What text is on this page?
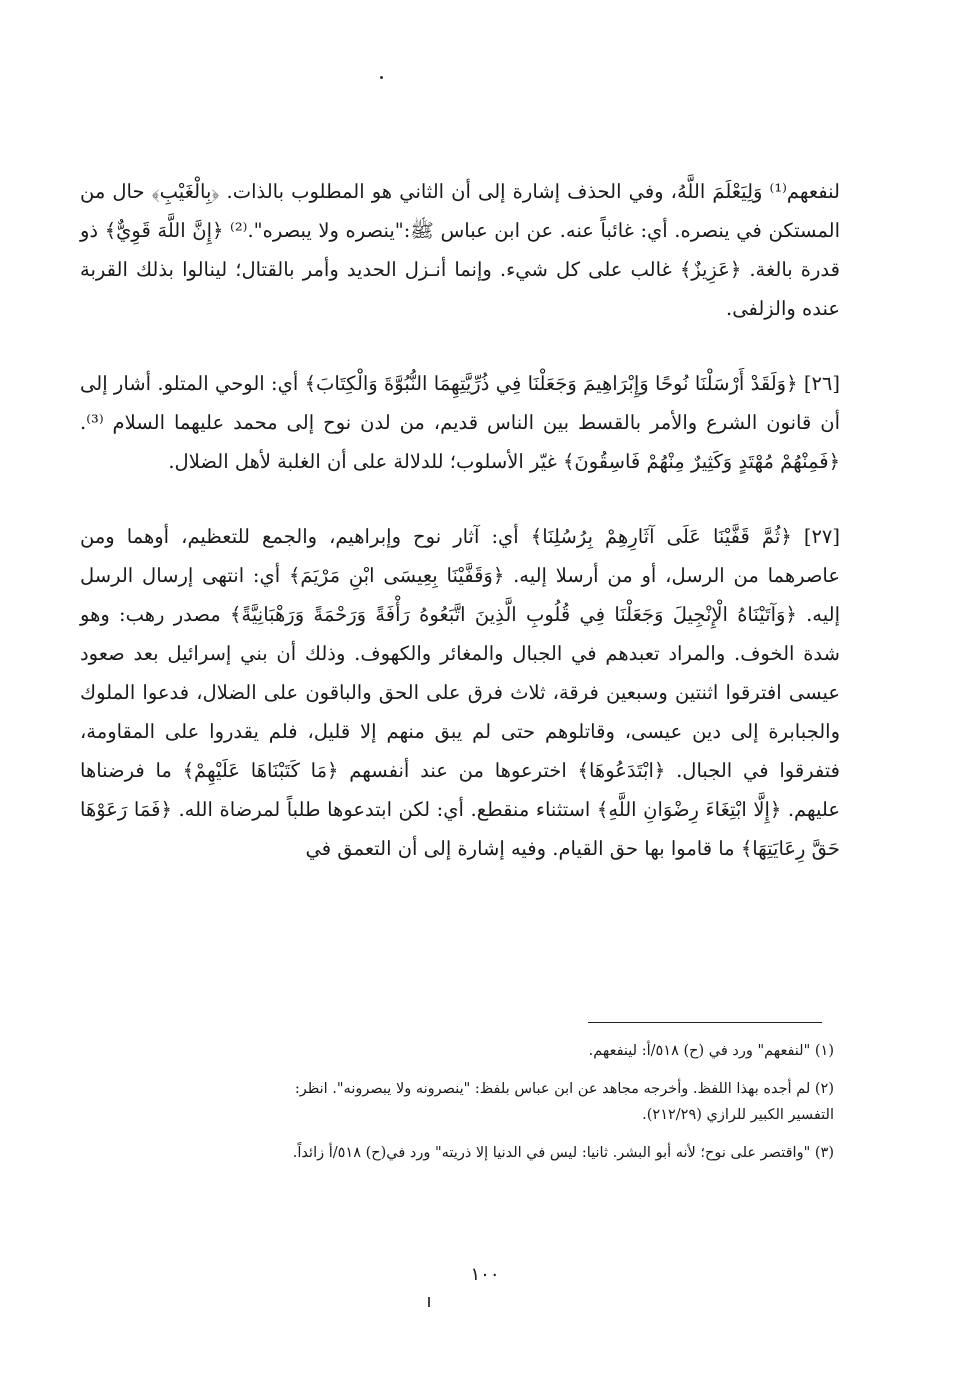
لنفعهم⁽¹⁾ وَلِيَعْلَمَ اللَّهُ، وفي الحذف إشارة إلى أن الثاني هو المطلوب بالذات. ﴿بِالْغَيْبِ﴾ حال من المستكن في ينصره. أي: غائباً عنه. عن ابن عباس ﷺ:"ينصره ولا يبصره".⁽²⁾ ﴿إِنَّ اللَّهَ قَوِيٌّ﴾ ذو قدرة بالغة. ﴿عَزِيزٌ﴾ غالب على كل شيء. وإنما أنـزل الحديد وأمر بالقتال؛ لينالوا بذلك القربة عنده والزلفى.

[٢٦] ﴿وَلَقَدْ أَرْسَلْنَا نُوحًا وَإِبْرَاهِيمَ وَجَعَلْنَا فِي ذُرِّيَّتِهِمَا النُّبُوَّةَ وَالْكِتَابَ﴾ أي: الوحي المتلو. أشار إلى أن قانون الشرع والأمر بالقسط بين الناس قديم، من لدن نوح إلى محمد عليهما السلام ⁽³⁾. ﴿فَمِنْهُمْ مُهْتَدٍ وَكَثِيرٌ مِنْهُمْ فَاسِقُونَ﴾ غيّر الأسلوب؛ للدلالة على أن الغلبة لأهل الضلال.

[٢٧] ﴿ثُمَّ قَفَّيْنَا عَلَى آثَارِهِمْ بِرُسُلِنَا﴾ أي: آثار نوح وإبراهيم، والجمع للتعظيم، أوهما ومن عاصرهما من الرسل، أو من أرسلا إليه. ﴿وَقَفَّيْنَا بِعِيسَى ابْنِ مَرْيَمَ﴾ أي: انتهى إرسال الرسل إليه. ﴿وَآتَيْنَاهُ الْإِنْجِيلَ وَجَعَلْنَا فِي قُلُوبِ الَّذِينَ اتَّبَعُوهُ رَأْفَةً وَرَحْمَةً وَرَهْبَانِيَّةً﴾ مصدر رهب: وهو شدة الخوف. والمراد تعبدهم في الجبال والمغائر والكهوف. وذلك أن بني إسرائيل بعد صعود عيسى افترقوا اثنتين وسبعين فرقة، ثلاث فرق على الحق والباقون على الضلال، فدعوا الملوك والجبابرة إلى دين عيسى، وقاتلوهم حتى لم يبق منهم إلا قليل، فلم يقدروا على المقاومة، فتفرقوا في الجبال. ﴿ابْتَدَعُوهَا﴾ اخترعوها من عند أنفسهم ﴿مَا كَتَبْنَاهَا عَلَيْهِمْ﴾ ما فرضناها عليهم. ﴿إِلَّا ابْتِغَاءَ رِضْوَانِ اللَّهِ﴾ استثناء منقطع. أي: لكن ابتدعوها طلباً لمرضاة الله. ﴿فَمَا رَعَوْهَا حَقَّ رِعَايَتِهَا﴾ ما قاموا بها حق القيام. وفيه إشارة إلى أن التعمق في

(١) "لنفعهم" ورد في (ح) ٥١٨/أ: لينفعهم.

(٢) لم أجده بهذا اللفظ. وأخرجه مجاهد عن ابن عباس بلفظ: "ينصرونه ولا يبصرونه". انظر: التفسير الكبير للرازي (٢١٢/٢٩).

(٣) "واقتصر على نوح؛ لأنه أبو البشر. ثانيا: ليس في الدنيا إلا ذريته" ورد في(ح) ٥١٨/أ زائداً.

١٠٠
